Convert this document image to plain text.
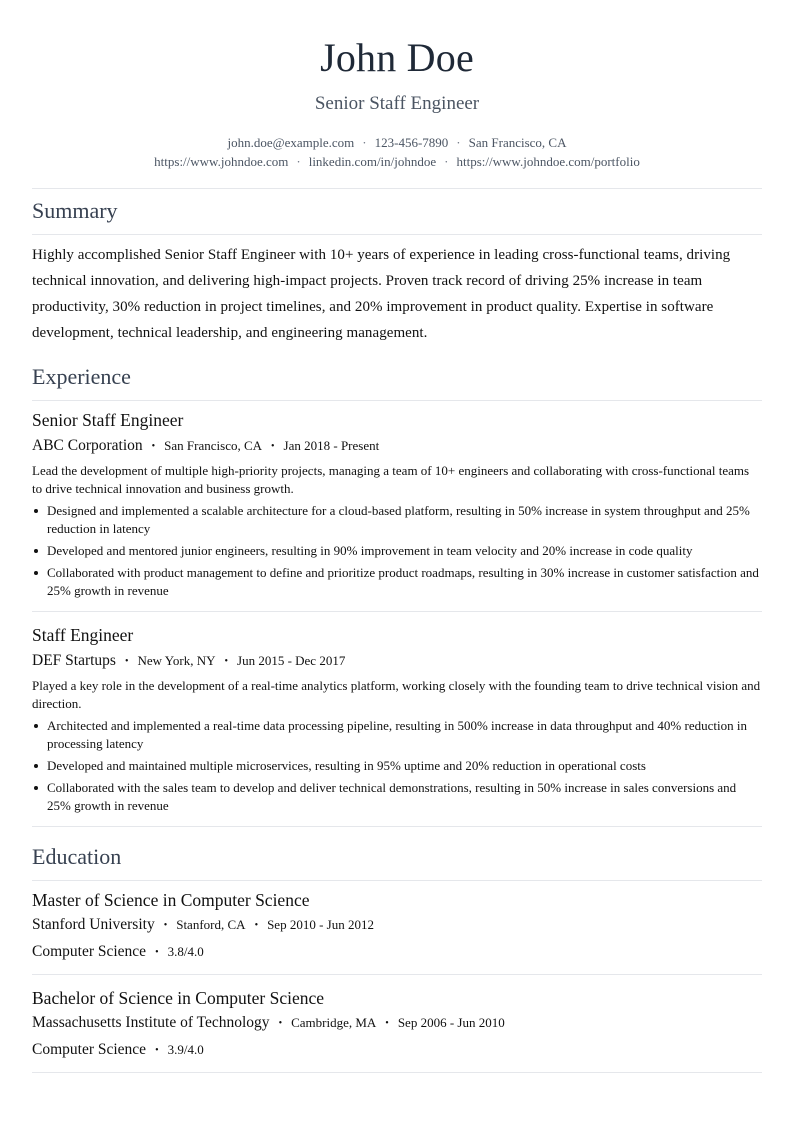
John Doe
Senior Staff Engineer
john.doe@example.com · 123-456-7890 · San Francisco, CA
https://www.johndoe.com · linkedin.com/in/johndoe · https://www.johndoe.com/portfolio
Summary
Highly accomplished Senior Staff Engineer with 10+ years of experience in leading cross-functional teams, driving technical innovation, and delivering high-impact projects. Proven track record of driving 25% increase in team productivity, 30% reduction in project timelines, and 20% improvement in product quality. Expertise in software development, technical leadership, and engineering management.
Experience
Senior Staff Engineer
ABC Corporation • San Francisco, CA • Jan 2018 - Present
Lead the development of multiple high-priority projects, managing a team of 10+ engineers and collaborating with cross-functional teams to drive technical innovation and business growth.
Designed and implemented a scalable architecture for a cloud-based platform, resulting in 50% increase in system throughput and 25% reduction in latency
Developed and mentored junior engineers, resulting in 90% improvement in team velocity and 20% increase in code quality
Collaborated with product management to define and prioritize product roadmaps, resulting in 30% increase in customer satisfaction and 25% growth in revenue
Staff Engineer
DEF Startups • New York, NY • Jun 2015 - Dec 2017
Played a key role in the development of a real-time analytics platform, working closely with the founding team to drive technical vision and direction.
Architected and implemented a real-time data processing pipeline, resulting in 500% increase in data throughput and 40% reduction in processing latency
Developed and maintained multiple microservices, resulting in 95% uptime and 20% reduction in operational costs
Collaborated with the sales team to develop and deliver technical demonstrations, resulting in 50% increase in sales conversions and 25% growth in revenue
Education
Master of Science in Computer Science
Stanford University • Stanford, CA • Sep 2010 - Jun 2012
Computer Science • 3.8/4.0
Bachelor of Science in Computer Science
Massachusetts Institute of Technology • Cambridge, MA • Sep 2006 - Jun 2010
Computer Science • 3.9/4.0
